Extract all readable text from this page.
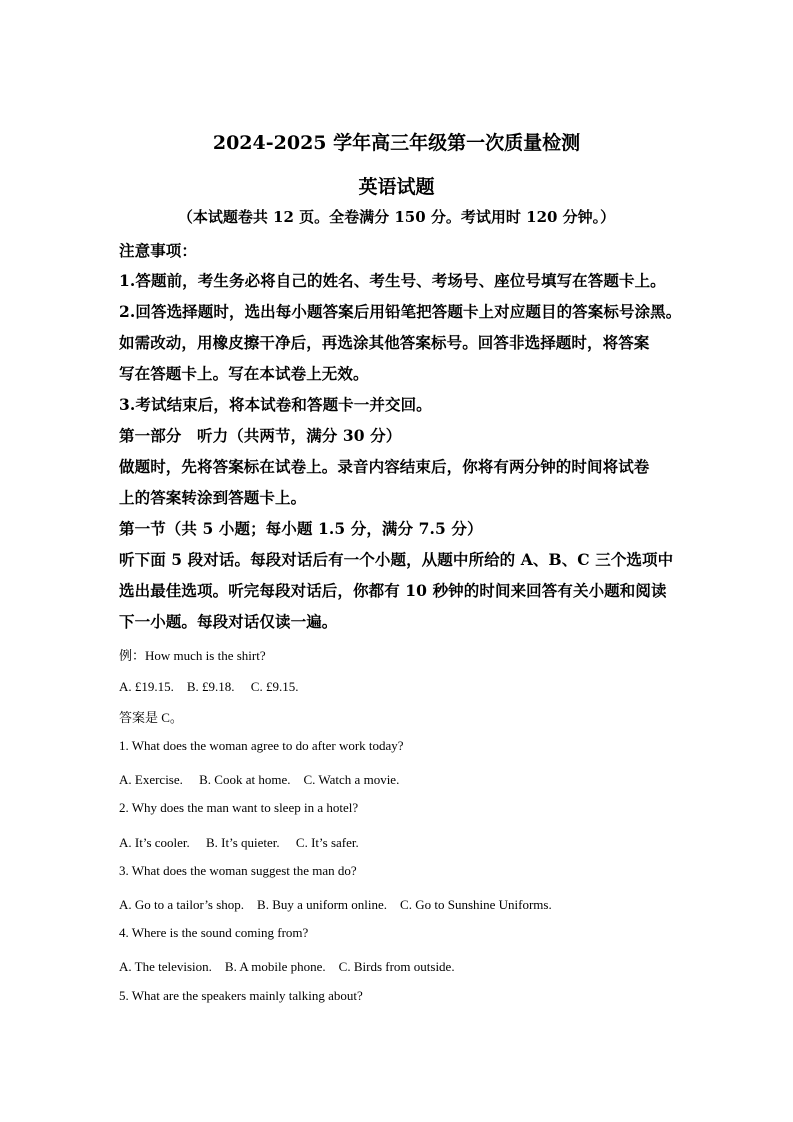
2024-2025 学年高三年级第一次质量检测
英语试题
（本试题卷共 12 页。全卷满分 150 分。考试用时 120 分钟。）
注意事项：
1.答题前，考生务必将自己的姓名、考生号、考场号、座位号填写在答题卡上。
2.回答选择题时，选出每小题答案后用铅笔把答题卡上对应题目的答案标号涂黑。
如需改动，用橡皮擦干净后，再选涂其他答案标号。回答非选择题时，将答案
写在答题卡上。写在本试卷上无效。
3.考试结束后，将本试卷和答题卡一并交回。
第一部分　听力（共两节，满分 30 分）
做题时，先将答案标在试卷上。录音内容结束后，你将有两分钟的时间将试卷
上的答案转涂到答题卡上。
第一节（共 5 小题；每小题 1.5 分，满分 7.5 分）
听下面 5 段对话。每段对话后有一个小题，从题中所给的 A、B、C 三个选项中
选出最佳选项。听完每段对话后，你都有 10 秒钟的时间来回答有关小题和阅读
下一小题。每段对话仅读一遍。
例：How much is the shirt?
A. £19.15.　B. £9.18.　 C. £9.15.
答案是 C。
1. What does the woman agree to do after work today?
A. Exercise.　 B. Cook at home.　C. Watch a movie.
2. Why does the man want to sleep in a hotel?
A. It’s cooler.　 B. It’s quieter.　 C. It’s safer.
3. What does the woman suggest the man do?
A. Go to a tailor’s shop.　B. Buy a uniform online.　C. Go to Sunshine Uniforms.
4. Where is the sound coming from?
A. The television.　B. A mobile phone.　C. Birds from outside.
5. What are the speakers mainly talking about?
